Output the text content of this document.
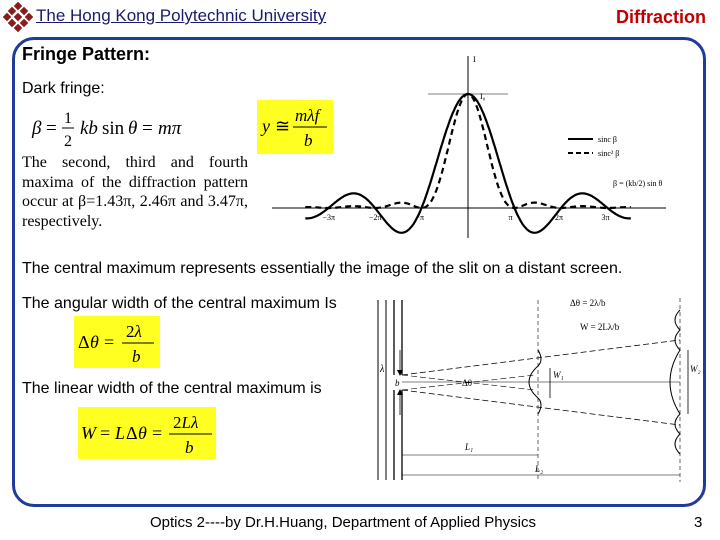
The Hong Kong Polytechnic University	Diffraction
Fringe Pattern:
Dark fringe:
β = 1
2
kb sin θ = mπ	y ≅
mλf
b
The second, third and fourth maxima of the diffraction pattern occur at β=1.43π, 2.46π and 3.47π, respectively.
I
I₀
sinc β
sinc² β
β = (kb/2) sin θ
−3π	−2π	−π	π	2π	3π
The central maximum represents essentially the image of the slit on a distant screen.
The angular width of the central maximum Is
Δ θ =
2λ
b
The linear width of the central maximum is
W = L Δ θ =
2Lλ
b
λ
b	Δθ
W₁
W₂
L₁
L₂
Δθ = 2λ/b
W = 2Lλ/b
Optics 2----by Dr.H.Huang, Department of Applied Physics	3
